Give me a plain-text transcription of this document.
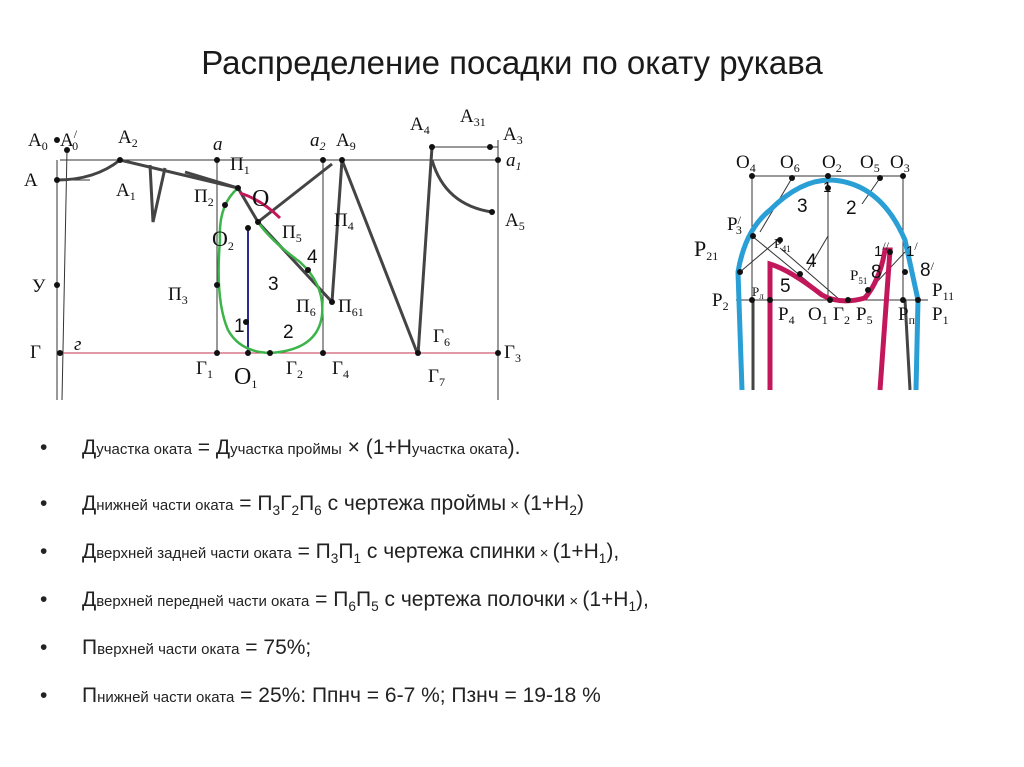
Распределение посадки по окату рукава
$А_0$ А/ 0 $А_2$	a	$a_2$ $А_9$
$А_4$
$А_{31}$
$А_3$
$a_1$
А	$А_1$
$П_1$
$П_2$ О
О2
$П_5$
$П_4$	$А_5$
У	$П_3$
4
3
$П_6$ $П_{61}$
1 2
Г г
$Г_1$ О1
$Г_2$ $Г_4$
$Г_6$
$Г_7$
$Г_3$
$О_4$ $О_6$ $О_2$ $О_5$ $О_3$
1
3 2
Р/ 3
Р21
$Р_{41}$
4
5	$Р_{51}$ 8
1// 1/
8/
$Р_{11}$
$Р_2$
$Р_л$
$Р_4$ $О_1$ $Г_2$ $Р_5$ $Р_п$ $Р_1$
• Дучастка оката = Дучастка проймы × (1+Нучастка оката).
• Днижней части оката = $П_3Г_2П_6$ с чертежа проймы × $(1+Н_2)$
• Дверхней задней части оката = $П_3П_1$ с чертежа спинки × $(1+Н_1)$,
• Дверхней передней части оката = $П_6П_5$ с чертежа полочки × $(1+Н_1)$,
• Пверхней части оката = 75%;
• Пнижней части оката = 25%: Ппнч = 6-7 %; Пзнч = 19-18 %
